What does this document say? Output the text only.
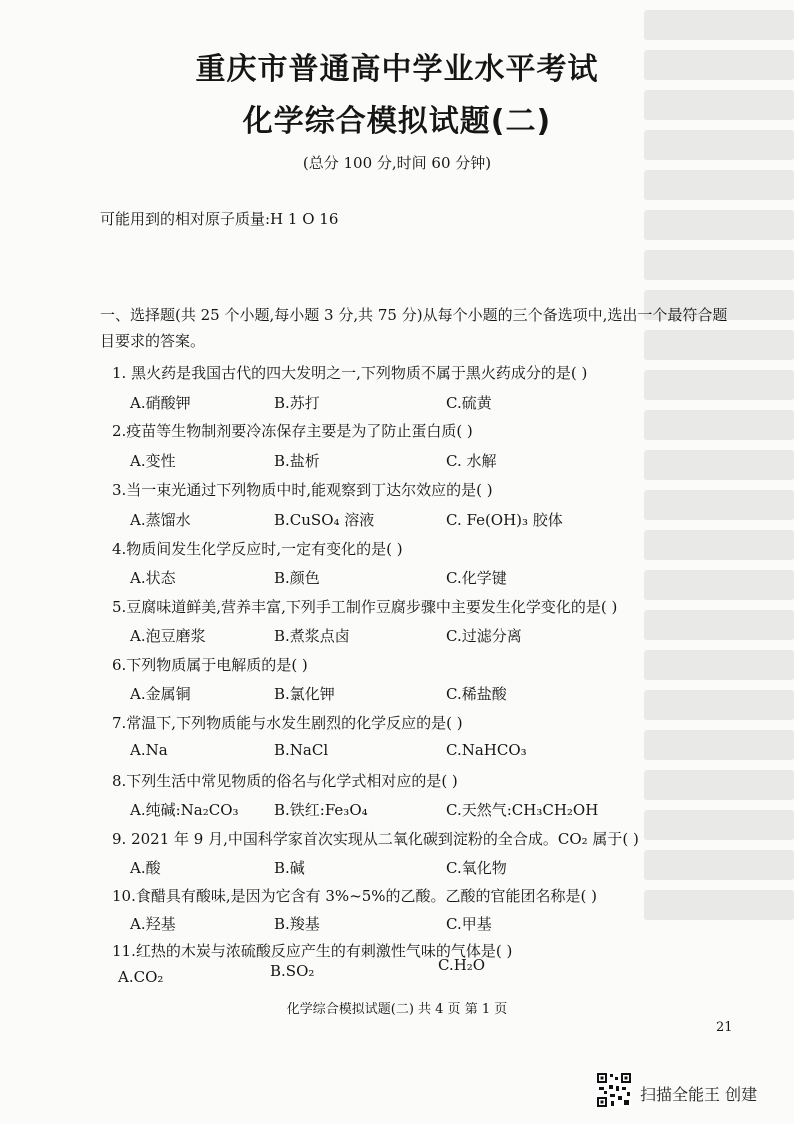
重庆市普通高中学业水平考试
化学综合模拟试题(二)
(总分 100 分,时间 60 分钟)
可能用到的相对原子质量:H 1 O 16
一、选择题(共 25 个小题,每小题 3 分,共 75 分)从每个小题的三个备选项中,选出一个最符合题目要求的答案。
1. 黑火药是我国古代的四大发明之一,下列物质不属于黑火药成分的是( )
A.硝酸钾	B.苏打	C.硫黄
2.疫苗等生物制剂要冷冻保存主要是为了防止蛋白质( )
A.变性	B.盐析	C. 水解
3.当一束光通过下列物质中时,能观察到丁达尔效应的是( )
A.蒸馏水	B.CuSO₄ 溶液	C. Fe(OH)₃ 胶体
4.物质间发生化学反应时,一定有变化的是( )
A.状态	B.颜色	C.化学键
5.豆腐味道鲜美,营养丰富,下列手工制作豆腐步骤中主要发生化学变化的是( )
A.泡豆磨浆	B.煮浆点卤	C.过滤分离
6.下列物质属于电解质的是( )
A.金属铜	B.氯化钾	C.稀盐酸
7.常温下,下列物质能与水发生剧烈的化学反应的是( )
A.Na	B.NaCl	C.NaHCO₃
8.下列生活中常见物质的俗名与化学式相对应的是( )
A.纯碱:Na₂CO₃ B.铁红:Fe₃O₄	C.天然气:CH₃CH₂OH
9. 2021 年 9 月,中国科学家首次实现从二氧化碳到淀粉的全合成。CO₂ 属于( )
A.酸	B.碱	C.氧化物
10.食醋具有酸味,是因为它含有 3%~5%的乙酸。乙酸的官能团名称是( )
A.羟基	B.羧基	C.甲基
11.红热的木炭与浓硫酸反应产生的有刺激性气味的气体是( )
A.CO₂	B.SO₂	C.H₂O
化学综合模拟试题(二) 共 4 页 第 1 页
21
扫描全能王 创建
